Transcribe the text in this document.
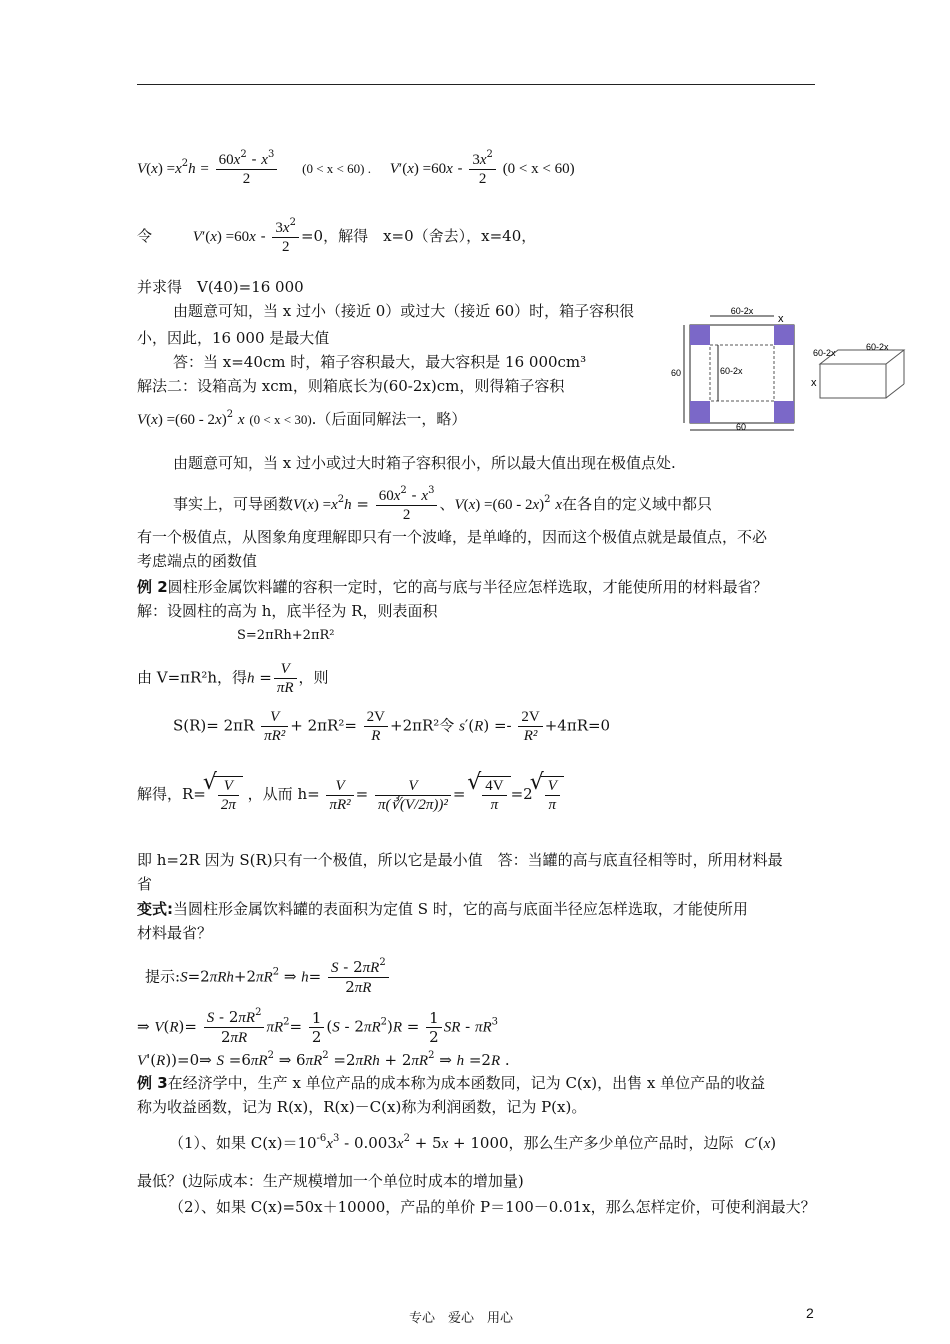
$V(x) =x^2h = \frac{60x^2 - x^3}{2} (0 < x < 60)$ . $V'(x) =60x - \frac{3x^2}{2} (0 < x < 60)$
令	$V'(x) =60x - \frac{3x^2}{2} =0$，解得　x=0（舍去），x=40，
并求得　V(40)=16 000
由题意可知，当 x 过小（接近 0）或过大（接近 60）时，箱子容积很
小，因此，16 000 是最大值
答：当 x=40cm 时，箱子容积最大，最大容积是 16 000cm³
解法二：设箱高为 xcm，则箱底长为(60-2x)cm，则得箱子容积
V(x) =(60 - 2x)$^2$ x (0 < x < 30).（后面同解法一，略）
60-2x
x
60	60-2x
60
60-2x
60-2x
x
由题意可知，当 x 过小或过大时箱子容积很小，所以最大值出现在极值点处.
事实上，可导函数$V(x) =x^2h = \frac{60x^2 - x^3}{2}$ 、V(x) =(60 - 2x)$^2$ x在各自的定义域中都只
有一个极值点，从图象角度理解即只有一个波峰，是单峰的，因而这个极值点就是最值点，不必
考虑端点的函数值
例 2圆柱形金属饮料罐的容积一定时，它的高与底与半径应怎样选取，才能使所用的材料最省？
解：设圆柱的高为 h，底半径为 R，则表面积
S=2πRh+2πR²
由 V=πR²h，得$h = \frac{V}{\pi R}$ ，则
$S(R)= 2\pi R \frac{V}{\text{πR²}} + 2\pi R^2= \frac{2V}{R} +2\pi R^2$令 $s'(R) =- \frac{2V}{\text{R²}} +4\pi R=0$
解得，R= √ $\frac{V}{2\pi}$ ，从而 $h= \frac{V}{\text{πR²}} = \frac{V}{\text{π(∛(V/2π))²}}$ = √ $\frac{4V}{\pi} =2$ √ $\frac{V}{\pi}$
即 h=2R 因为 S(R)只有一个极值，所以它是最小值　答：当罐的高与底直径相等时，所用材料最
省
变式:当圆柱形金属饮料罐的表面积为定值 S 时，它的高与底面半径应怎样选取，才能使所用
材料最省？
提示$:S=2\pi Rh+2\pi R^2$ ⇒ $h= \frac{S - 2\pi R^2}{2\pi R}$
⇒ $V(R)= \frac{S - 2\pi R^2}{2\pi R} \pi R^2= \frac{1}{2} (S - 2\pi R^2)R = \frac{1}{2}$ SR - $\pi R^3$
V'(R))=0⇒ $S =6\pi R^2$ ⇒ $6\pi R^2 =2\pi Rh + 2\pi R^2$ ⇒ h =2R .
例 3在经济学中，生产 x 单位产品的成本称为成本函数同，记为 C(x)，出售 x 单位产品的收益
称为收益函数，记为 R(x)，R(x)－C(x)称为利润函数，记为 P(x)。
（1）、如果 $C(x)=10^{-6}x^3 - 0.003x^2 + 5x + 1000$，那么生产多少单位产品时，边际 C′(x)
最低？(边际成本：生产规模增加一个单位时成本的增加量)
（2）、如果 C(x)=50x＋10000，产品的单价 P＝100－0.01x，那么怎样定价，可使利润最大？
专心　爱心　用心	2
